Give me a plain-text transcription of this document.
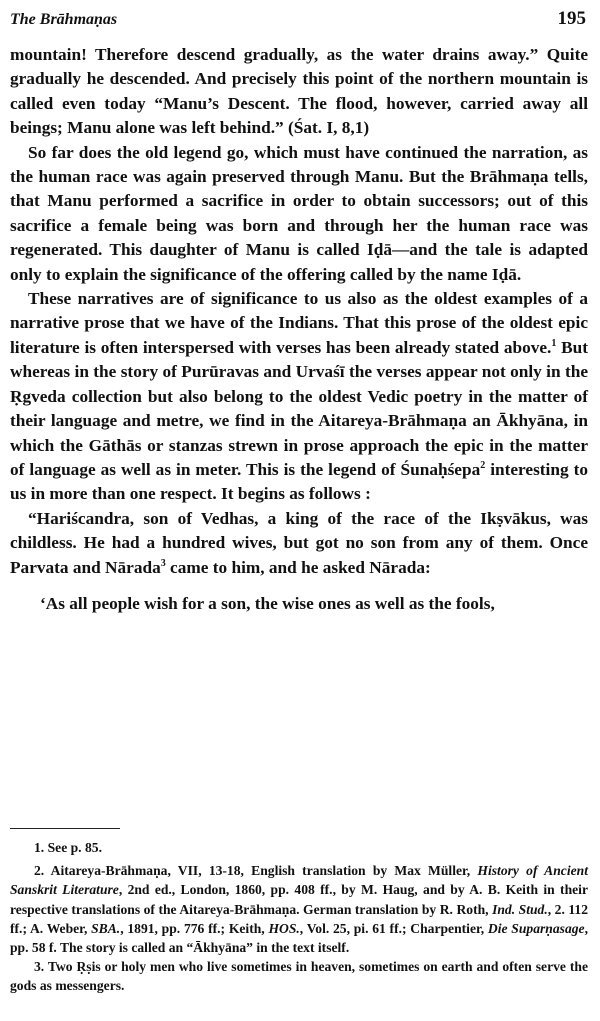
The Brāhmaṇas	195

mountain! Therefore descend gradually, as the water drains away.” Quite gradually he descended. And precisely this point of the northern mountain is called even today “Manu’s Descent. The flood, however, carried away all beings; Manu alone was left behind.” (Śat. I, 8,1)

So far does the old legend go, which must have continued the narration, as the human race was again preserved through Manu. But the Brāhmaṇa tells, that Manu performed a sacrifice in order to obtain successors; out of this sacrifice a female being was born and through her the human race was regenerated. This daughter of Manu is called Iḍā—and the tale is adapted only to explain the significance of the offering called by the name Iḍā.

These narratives are of significance to us also as the oldest examples of a narrative prose that we have of the Indians. That this prose of the oldest epic literature is often interspersed with verses has been already stated above.$^1$ But whereas in the story of Purūravas and Urvaśī the verses appear not only in the Ṛgveda collection but also belong to the oldest Vedic poetry in the matter of their language and metre, we find in the Aitareya-Brāhmaṇa an Ākhyāna, in which the Gāthās or stanzas strewn in prose approach the epic in the matter of language as well as in meter. This is the legend of Śunaḥśepa$^2$ interesting to us in more than one respect. It begins as follows :

“Hariścandra, son of Vedhas, a king of the race of the Ikṣvākus, was childless. He had a hundred wives, but got no son from any of them. Once Parvata and Nārada$^3$ came to him, and he asked Nārada:

‘As all people wish for a son, the wise ones as well as the fools,

1. See p. 85.

2. Aitareya-Brāhmaṇa, VII, 13-18, English translation by Max Müller, History of Ancient Sanskrit Literature, 2nd ed., London, 1860, pp. 408 ff., by M. Haug, and by A. B. Keith in their respective translations of the Aitareya-Brāhmaṇa. German translation by R. Roth, Ind. Stud., 2. 112 ff.; A. Weber, SBA., 1891, pp. 776 ff.; Keith, HOS., Vol. 25, pi. 61 ff.; Charpentier, Die Suparṇasage, pp. 58 f. The story is called an “Ākhyāna” in the text itself.

3. Two Ṛṣis or holy men who live sometimes in heaven, sometimes on earth and often serve the gods as messengers.
